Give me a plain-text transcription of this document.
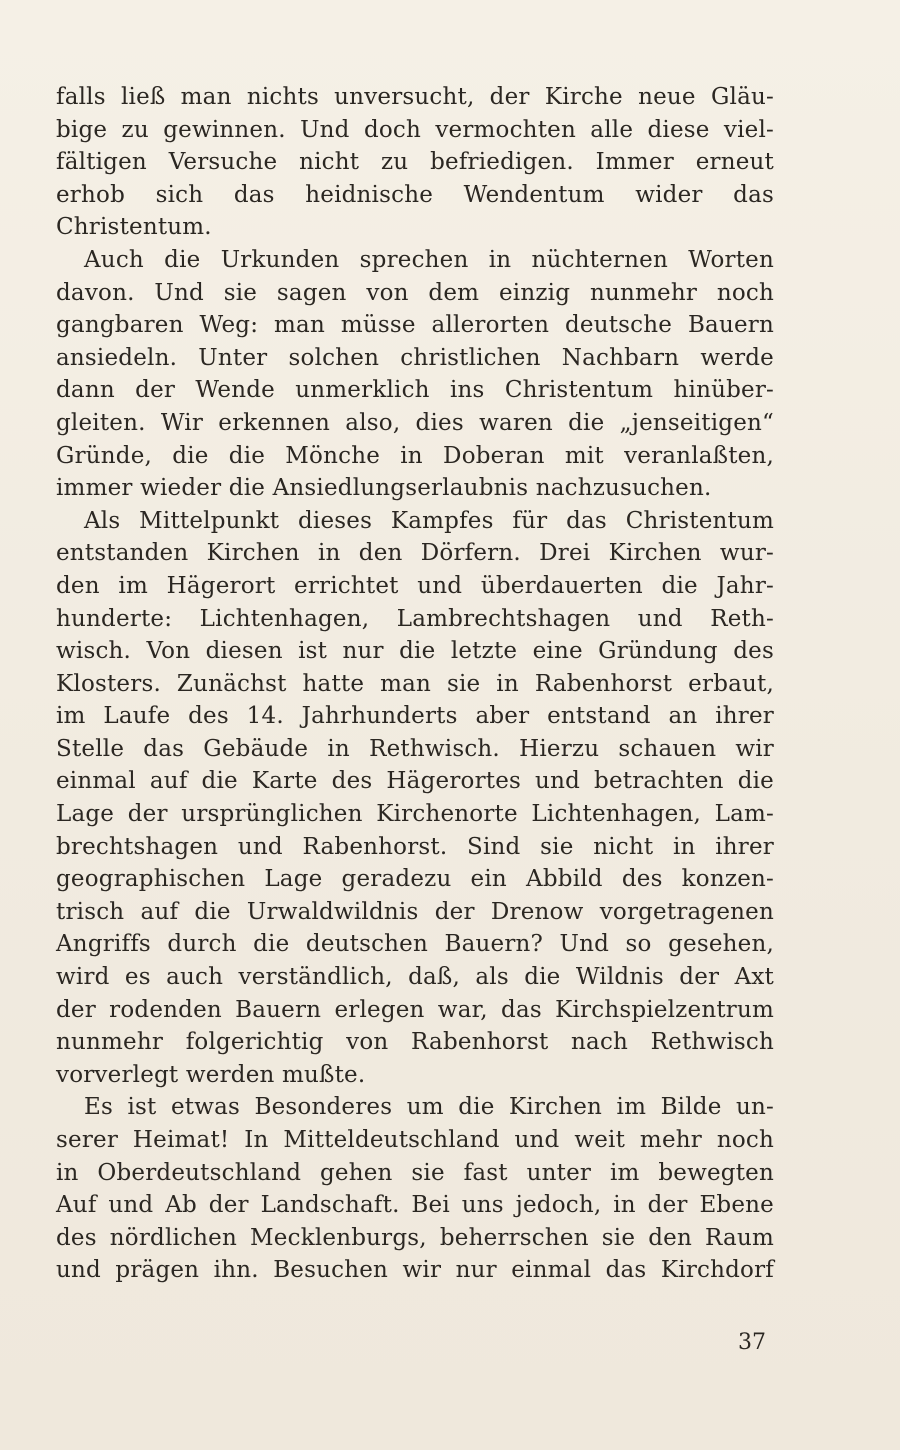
falls ließ man nichts unversucht, der Kirche neue Gläu-
bige zu gewinnen. Und doch vermochten alle diese viel-
fältigen Versuche nicht zu befriedigen. Immer erneut
erhob sich das heidnische Wendentum wider das
Christentum.
Auch die Urkunden sprechen in nüchternen Worten
davon. Und sie sagen von dem einzig nunmehr noch
gangbaren Weg: man müsse allerorten deutsche Bauern
ansiedeln. Unter solchen christlichen Nachbarn werde
dann der Wende unmerklich ins Christentum hinüber-
gleiten. Wir erkennen also, dies waren die „jenseitigen“
Gründe, die die Mönche in Doberan mit veranlaßten,
immer wieder die Ansiedlungserlaubnis nachzusuchen.
Als Mittelpunkt dieses Kampfes für das Christentum
entstanden Kirchen in den Dörfern. Drei Kirchen wur-
den im Hägerort errichtet und überdauerten die Jahr-
hunderte: Lichtenhagen, Lambrechtshagen und Reth-
wisch. Von diesen ist nur die letzte eine Gründung des
Klosters. Zunächst hatte man sie in Rabenhorst erbaut,
im Laufe des 14. Jahrhunderts aber entstand an ihrer
Stelle das Gebäude in Rethwisch. Hierzu schauen wir
einmal auf die Karte des Hägerortes und betrachten die
Lage der ursprünglichen Kirchenorte Lichtenhagen, Lam-
brechtshagen und Rabenhorst. Sind sie nicht in ihrer
geographischen Lage geradezu ein Abbild des konzen-
trisch auf die Urwaldwildnis der Drenow vorgetragenen
Angriffs durch die deutschen Bauern? Und so gesehen,
wird es auch verständlich, daß, als die Wildnis der Axt
der rodenden Bauern erlegen war, das Kirchspielzentrum
nunmehr folgerichtig von Rabenhorst nach Rethwisch
vorverlegt werden mußte.
Es ist etwas Besonderes um die Kirchen im Bilde un-
serer Heimat! In Mitteldeutschland und weit mehr noch
in Oberdeutschland gehen sie fast unter im bewegten
Auf und Ab der Landschaft. Bei uns jedoch, in der Ebene
des nördlichen Mecklenburgs, beherrschen sie den Raum
und prägen ihn. Besuchen wir nur einmal das Kirchdorf
37
